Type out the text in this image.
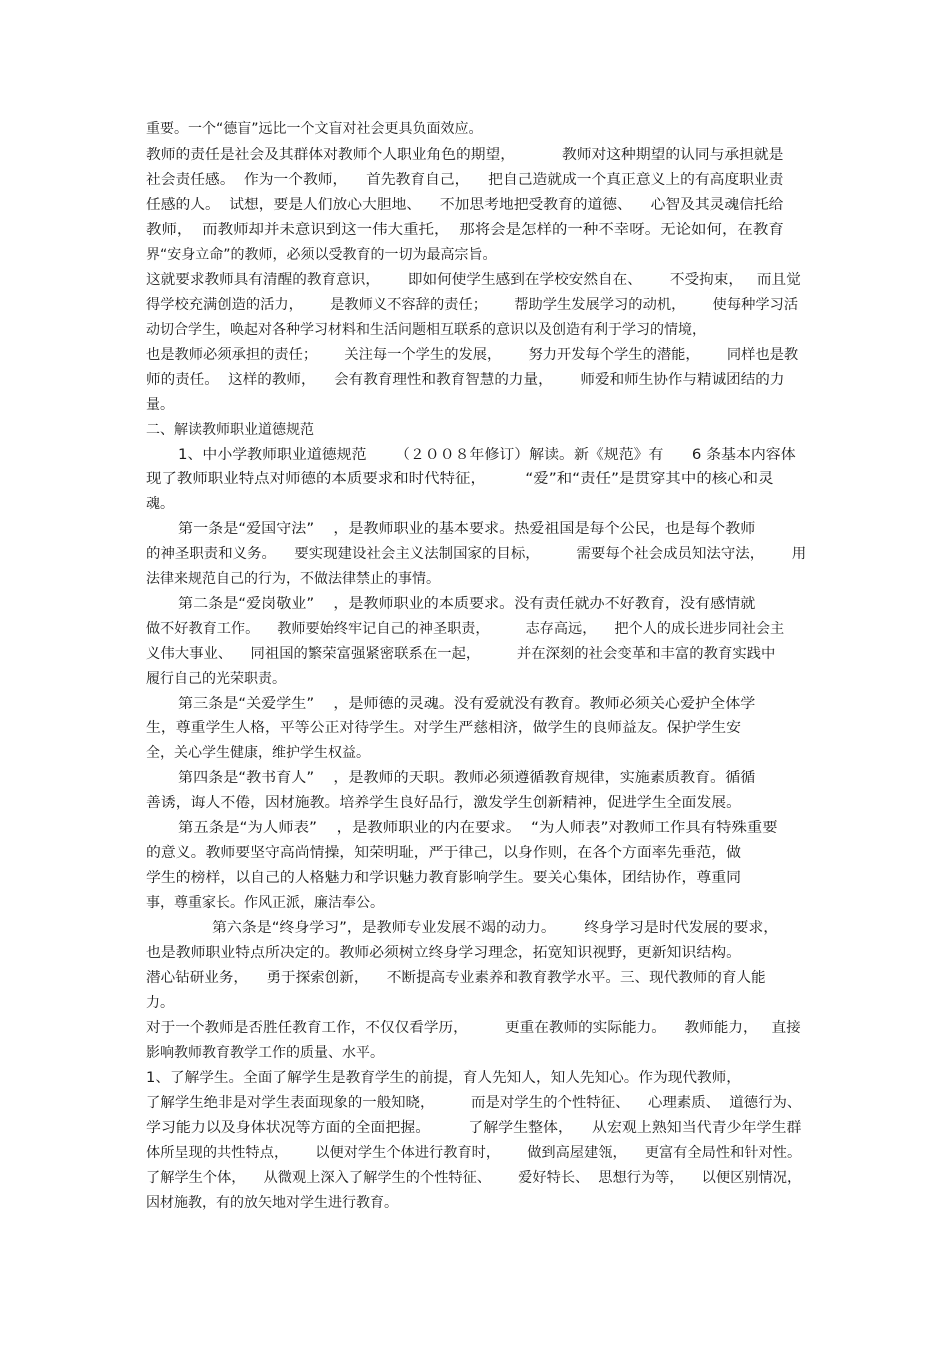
重要。一个“德盲”远比一个文盲对社会更具负面效应。
教师的责任是社会及其群体对教师个人职业角色的期望，          教师对这种期望的认同与承担就是
社会责任感。  作为一个教师，    首先教育自己，    把自己造就成一个真正意义上的有高度职业责
任感的人。  试想，要是人们放心大胆地、    不加思考地把受教育的道德、    心智及其灵魂信托给
教师，  而教师却并未意识到这一伟大重托，  那将会是怎样的一种不幸呀。无论如何，在教育
界“安身立命”的教师，必须以受教育的一切为最高宗旨。
这就要求教师具有清醒的教育意识，      即如何使学生感到在学校安然自在、      不受拘束，   而且觉
得学校充满创造的活力，      是教师义不容辞的责任；      帮助学生发展学习的动机，      使每种学习活
动切合学生，唤起对各种学习材料和生活问题相互联系的意识以及创造有利于学习的情境，
也是教师必须承担的责任；      关注每一个学生的发展，      努力开发每个学生的潜能，      同样也是教
师的责任。  这样的教师，    会有教育理性和教育智慧的力量，      师爱和师生协作与精诚团结的力
量。
二、解读教师职业道德规范
1、中小学教师职业道德规范      （２００８年修订）解读。新《规范》有      6 条基本内容体
现了教师职业特点对师德的本质要求和时代特征，        “爱”和“责任”是贯穿其中的核心和灵
魂。
第一条是“爱国守法”    ，是教师职业的基本要求。热爱祖国是每个公民，也是每个教师
的神圣职责和义务。    要实现建设社会主义法制国家的目标，        需要每个社会成员知法守法，      用
法律来规范自己的行为，不做法律禁止的事情。
第二条是“爱岗敬业”    ，是教师职业的本质要求。没有责任就办不好教育，没有感情就
做不好教育工作。    教师要始终牢记自己的神圣职责，        志存高远，    把个人的成长进步同社会主
义伟大事业、    同祖国的繁荣富强紧密联系在一起，        并在深刻的社会变革和丰富的教育实践中
履行自己的光荣职责。
第三条是“关爱学生”    ，是师德的灵魂。没有爱就没有教育。教师必须关心爱护全体学
生，尊重学生人格，平等公正对待学生。对学生严慈相济，做学生的良师益友。保护学生安
全，关心学生健康，维护学生权益。
第四条是“教书育人”    ，是教师的天职。教师必须遵循教育规律，实施素质教育。循循
善诱，诲人不倦，因材施教。培养学生良好品行，激发学生创新精神，促进学生全面发展。
第五条是“为人师表”    ，是教师职业的内在要求。  “为人师表”对教师工作具有特殊重要
的意义。教师要坚守高尚情操，知荣明耻，严于律己，以身作则，在各个方面率先垂范，做
学生的榜样，以自己的人格魅力和学识魅力教育影响学生。要关心集体，团结协作，尊重同
事，尊重家长。作风正派，廉洁奉公。
第六条是“终身学习”，是教师专业发展不竭的动力。      终身学习是时代发展的要求，
也是教师职业特点所决定的。教师必须树立终身学习理念，拓宽知识视野，更新知识结构。
潜心钻研业务，    勇于探索创新，    不断提高专业素养和教育教学水平。三、现代教师的育人能
力。
对于一个教师是否胜任教育工作，不仅仅看学历，        更重在教师的实际能力。    教师能力，   直接
影响教师教育教学工作的质量、水平。
1、了解学生。全面了解学生是教育学生的前提，育人先知人，知人先知心。作为现代教师，
了解学生绝非是对学生表面现象的一般知晓，        而是对学生的个性特征、    心理素质、  道德行为、
学习能力以及身体状况等方面的全面把握。        了解学生整体，    从宏观上熟知当代青少年学生群
体所呈现的共性特点，      以便对学生个体进行教育时，      做到高屋建瓴，    更富有全局性和针对性。
了解学生个体，    从微观上深入了解学生的个性特征、      爱好特长、  思想行为等，    以便区别情况，
因材施教，有的放矢地对学生进行教育。
